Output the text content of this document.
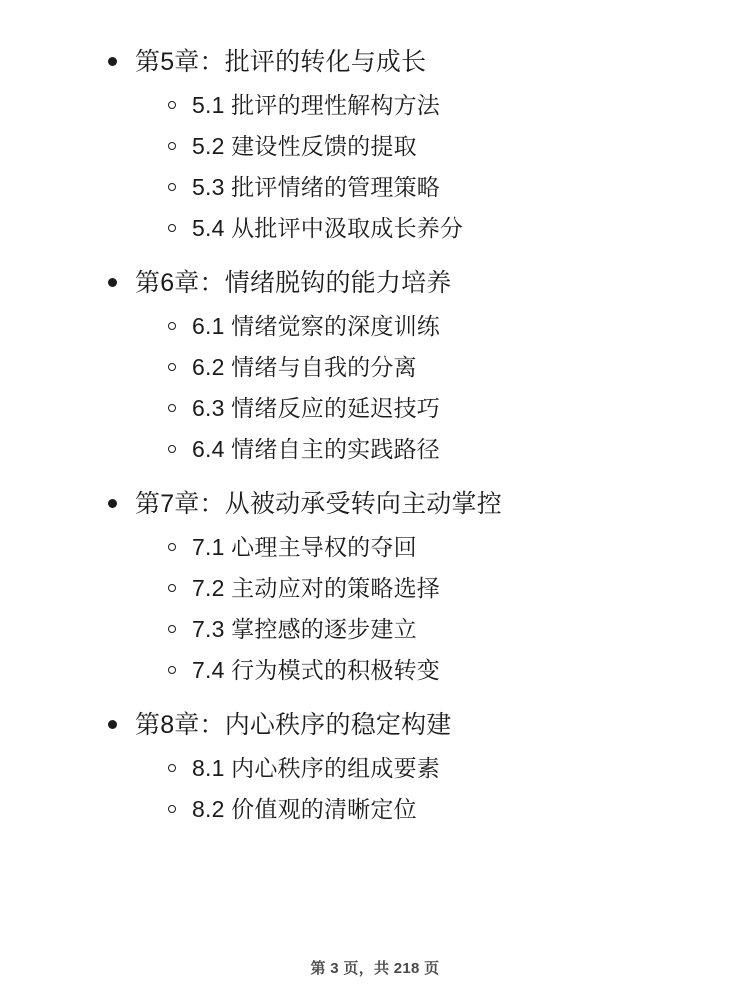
第5章：批评的转化与成长
5.1 批评的理性解构方法
5.2 建设性反馈的提取
5.3 批评情绪的管理策略
5.4 从批评中汲取成长养分
第6章：情绪脱钩的能力培养
6.1 情绪觉察的深度训练
6.2 情绪与自我的分离
6.3 情绪反应的延迟技巧
6.4 情绪自主的实践路径
第7章：从被动承受转向主动掌控
7.1 心理主导权的夺回
7.2 主动应对的策略选择
7.3 掌控感的逐步建立
7.4 行为模式的积极转变
第8章：内心秩序的稳定构建
8.1 内心秩序的组成要素
8.2 价值观的清晰定位
第 3 页，共 218 页
